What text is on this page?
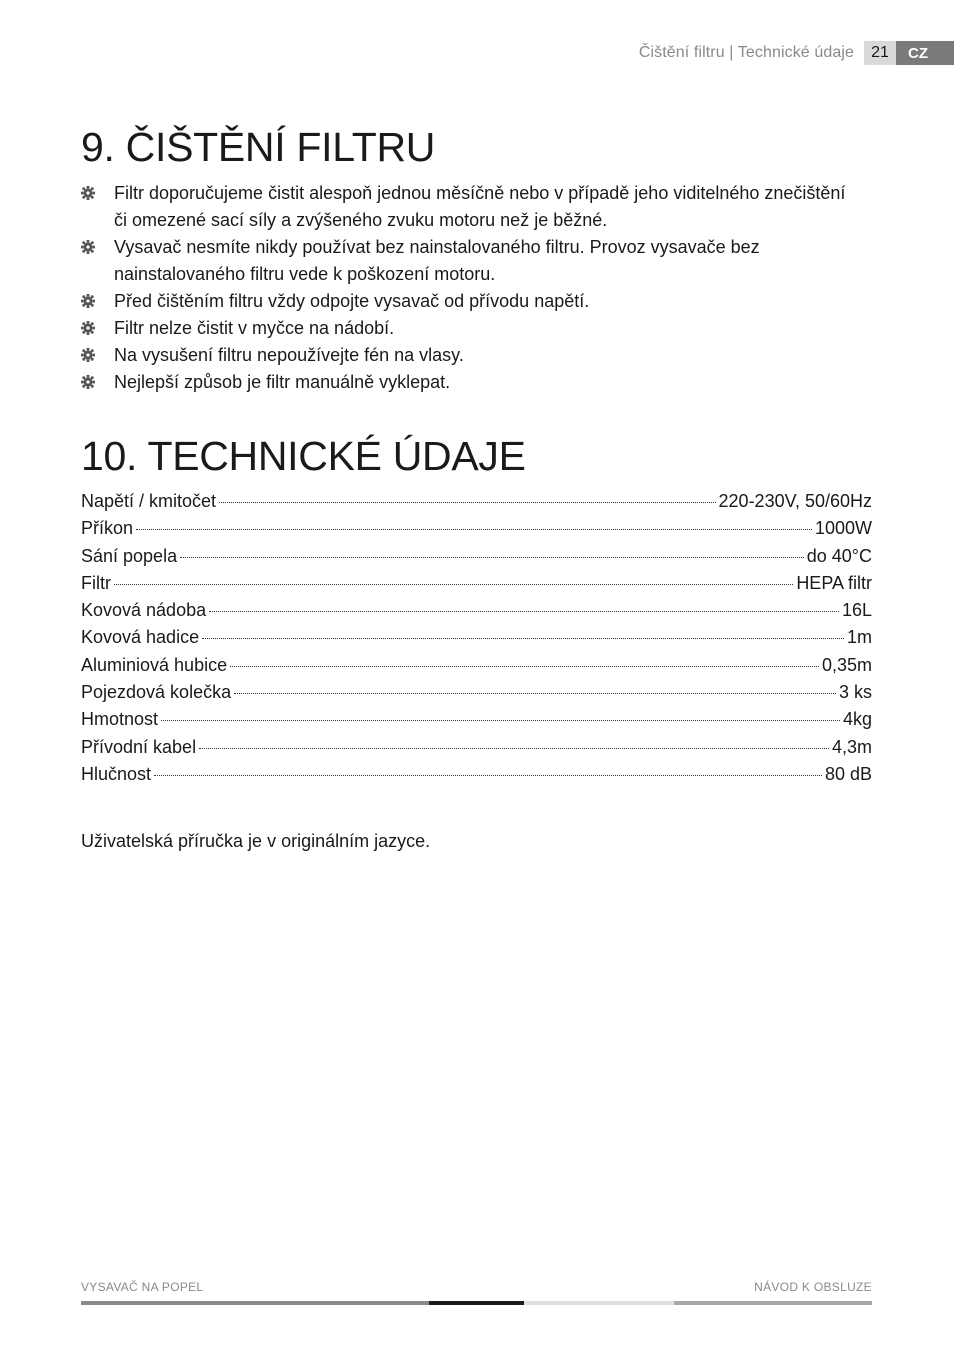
Čištění filtru | Technické údaje	21	CZ
9. ČIŠTĚNÍ FILTRU
Filtr doporučujeme čistit alespoň jednou měsíčně nebo v případě jeho viditelného znečištění
či omezené sací síly a zvýšeného zvuku motoru než je běžné.
Vysavač nesmíte nikdy používat bez nainstalovaného filtru. Provoz vysavače bez
nainstalovaného filtru vede k poškození motoru.
Před čištěním filtru vždy odpojte vysavač od přívodu napětí.
Filtr nelze čistit v myčce na nádobí.
Na vysušení filtru nepoužívejte fén na vlasy.
Nejlepší způsob je filtr manuálně vyklepat.
10. TECHNICKÉ ÚDAJE
Napětí / kmitočet	220-230V, 50/60Hz
Příkon	1000W
Sání popela	do 40°C
Filtr	HEPA filtr
Kovová nádoba	16L
Kovová hadice	1m
Aluminiová hubice	0,35m
Pojezdová kolečka	3 ks
Hmotnost	4kg
Přívodní kabel	4,3m
Hlučnost	80 dB
Uživatelská příručka je v originálním jazyce.
VYSAVAČ NA POPEL	NÁVOD K OBSLUZE
